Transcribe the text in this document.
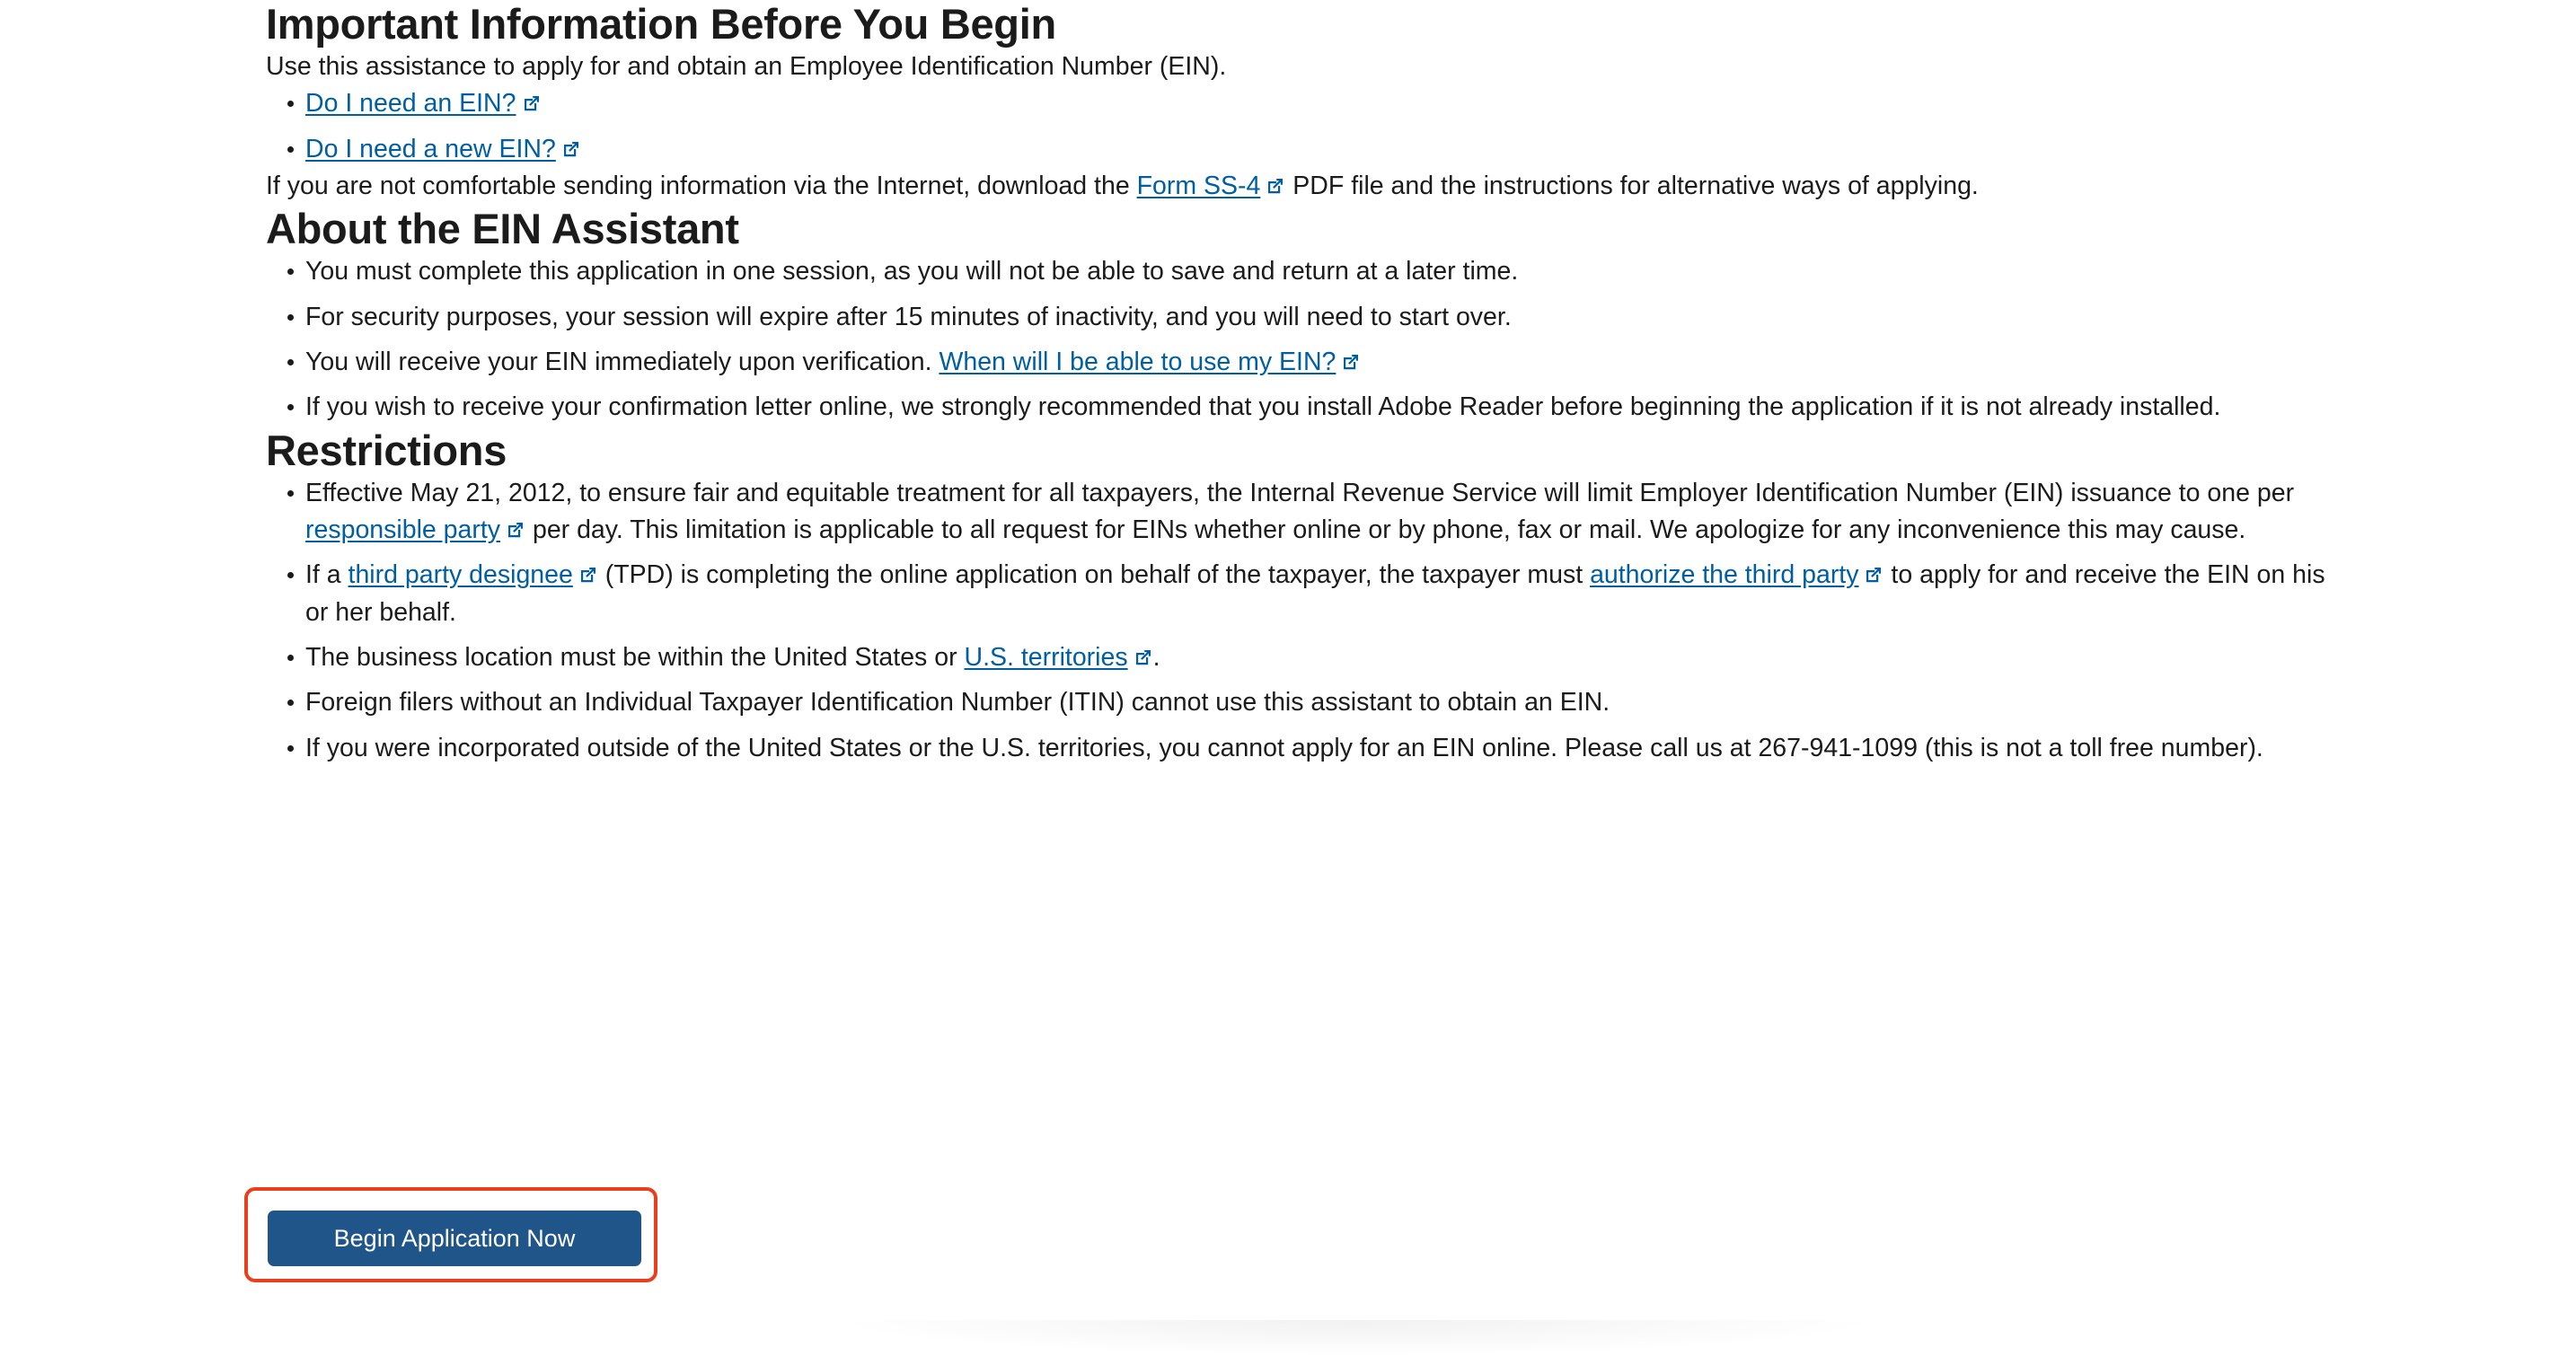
Important Information Before You Begin

Use this assistance to apply for and obtain an Employee Identification Number (EIN).

Do I need an EIN?
Do I need a new EIN?

If you are not comfortable sending information via the Internet, download the Form SS-4
PDF file and the instructions for alternative ways of applying.

About the EIN Assistant
You must complete this application in one session, as you will not be able to save and return at a later time.
For security purposes, your session will expire after 15 minutes of inactivity, and you will need to start over.
You will receive your EIN immediately upon verification. When will I be able to use my EIN?
If you wish to receive your confirmation letter online, we strongly recommended that you install Adobe Reader before beginning the application if it is not already installed.
Restrictions
Effective May 21, 2012, to ensure fair and equitable treatment for all taxpayers, the Internal Revenue Service will limit Employer Identification Number (EIN) issuance to one per responsible party
per day. This limitation is applicable to all request for EINs whether online or by phone, fax or mail. We apologize for any inconvenience this may cause.
If a third party designee
(TPD) is completing the online application on behalf of the taxpayer, the taxpayer must authorize the third party
to apply for and receive the EIN on his or her behalf.
The business location must be within the United States or U.S. territories .
Foreign filers without an Individual Taxpayer Identification Number (ITIN) cannot use this assistant to obtain an EIN.
If you were incorporated outside of the United States or the U.S. territories, you cannot apply for an EIN online. Please call us at 267-941-1099 (this is not a toll free number).
Begin Application Now
